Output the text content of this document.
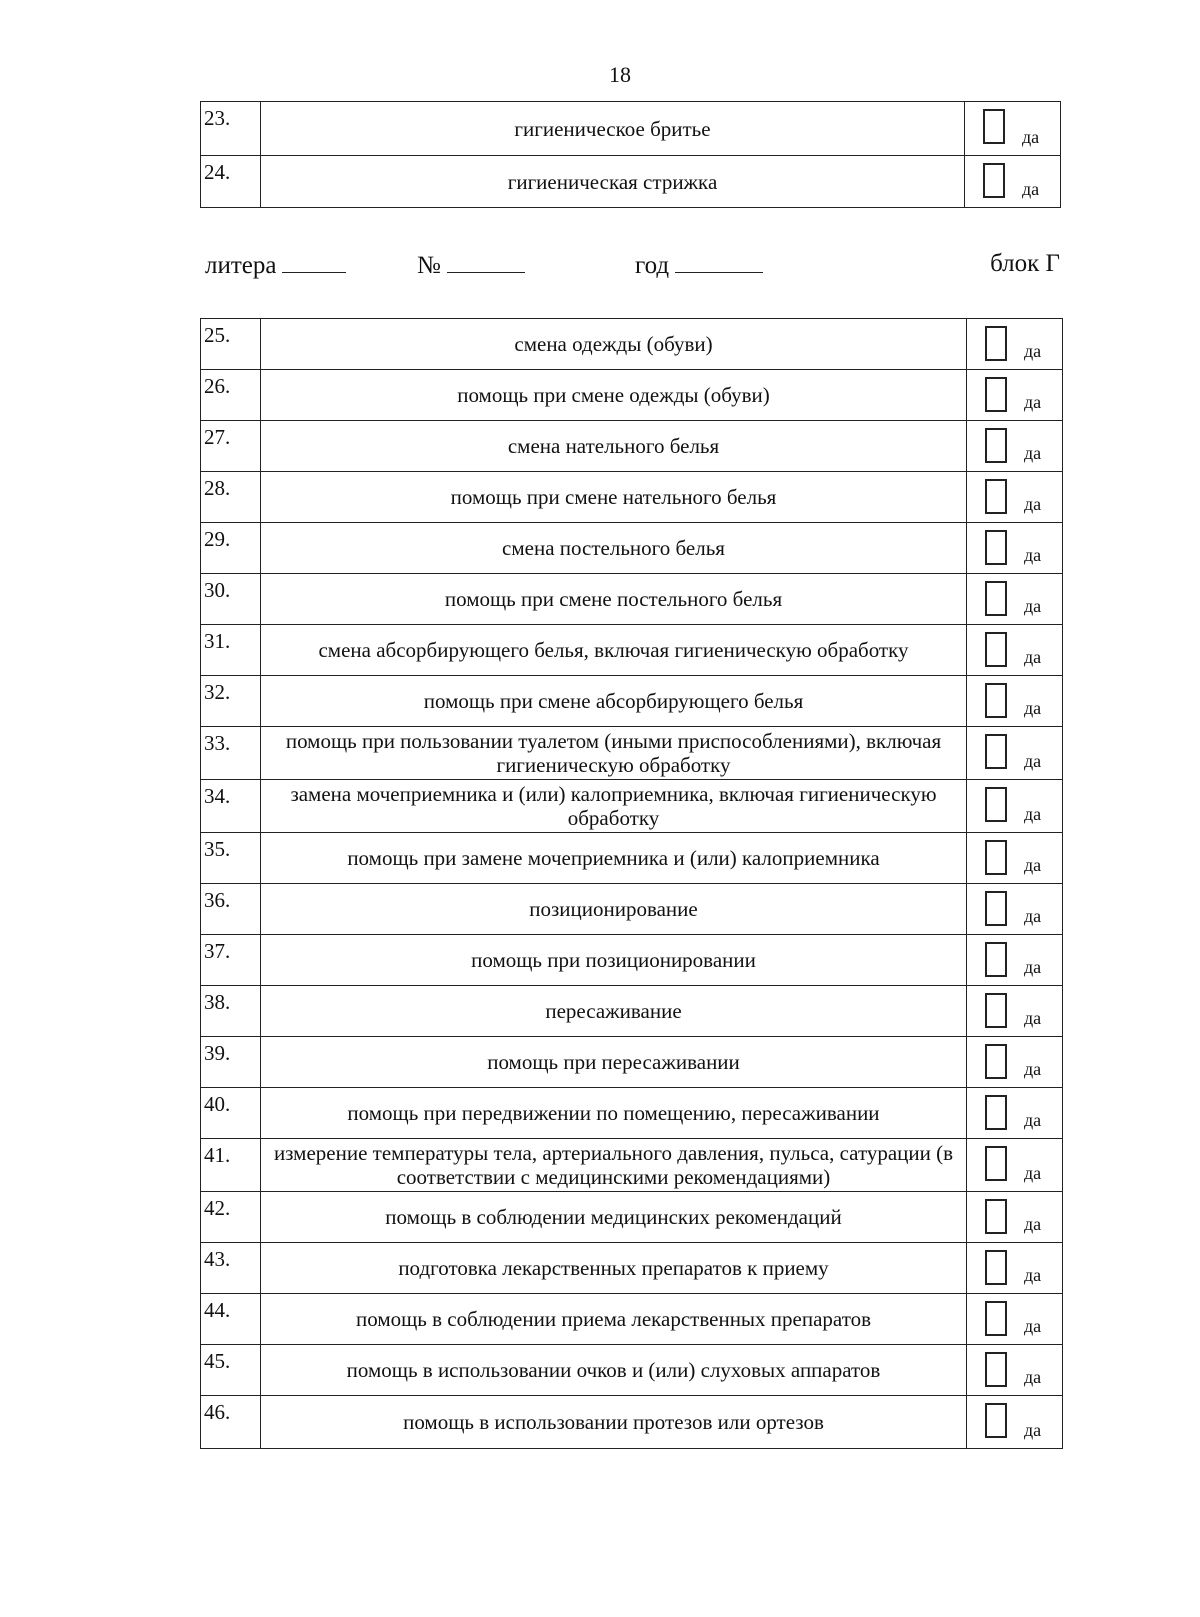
18
23.	гигиеническое бритье	да

24.	гигиеническая стрижка	да
литера	№	год	блок Г
25.	смена одежды (обуви)	да

26.	помощь при смене одежды (обуви)	да

27.	смена нательного белья	да

28.	помощь при смене нательного белья	да

29.	смена постельного белья	да

30.	помощь при смене постельного белья	да

31.	смена абсорбирующего белья, включая гигиеническую обработку	да

32.	помощь при смене абсорбирующего белья	да

33.	помощь при пользовании туалетом (иными приспособлениями), включая гигиеническую обработку	да

34.	замена мочеприемника и (или) калоприемника, включая гигиеническую обработку	да

35.	помощь при замене мочеприемника и (или) калоприемника	да

36.	позиционирование	да

37.	помощь при позиционировании	да

38.	пересаживание	да

39.	помощь при пересаживании	да

40.	помощь при передвижении по помещению, пересаживании	да

41.	измерение температуры тела, артериального давления, пульса, сатурации (в соответствии с медицинскими рекомендациями)	да

42.	помощь в соблюдении медицинских рекомендаций	да

43.	подготовка лекарственных препаратов к приему	да

44.	помощь в соблюдении приема лекарственных препаратов	да

45.	помощь в использовании очков и (или) слуховых аппаратов	да

46.	помощь в использовании протезов или ортезов	да
